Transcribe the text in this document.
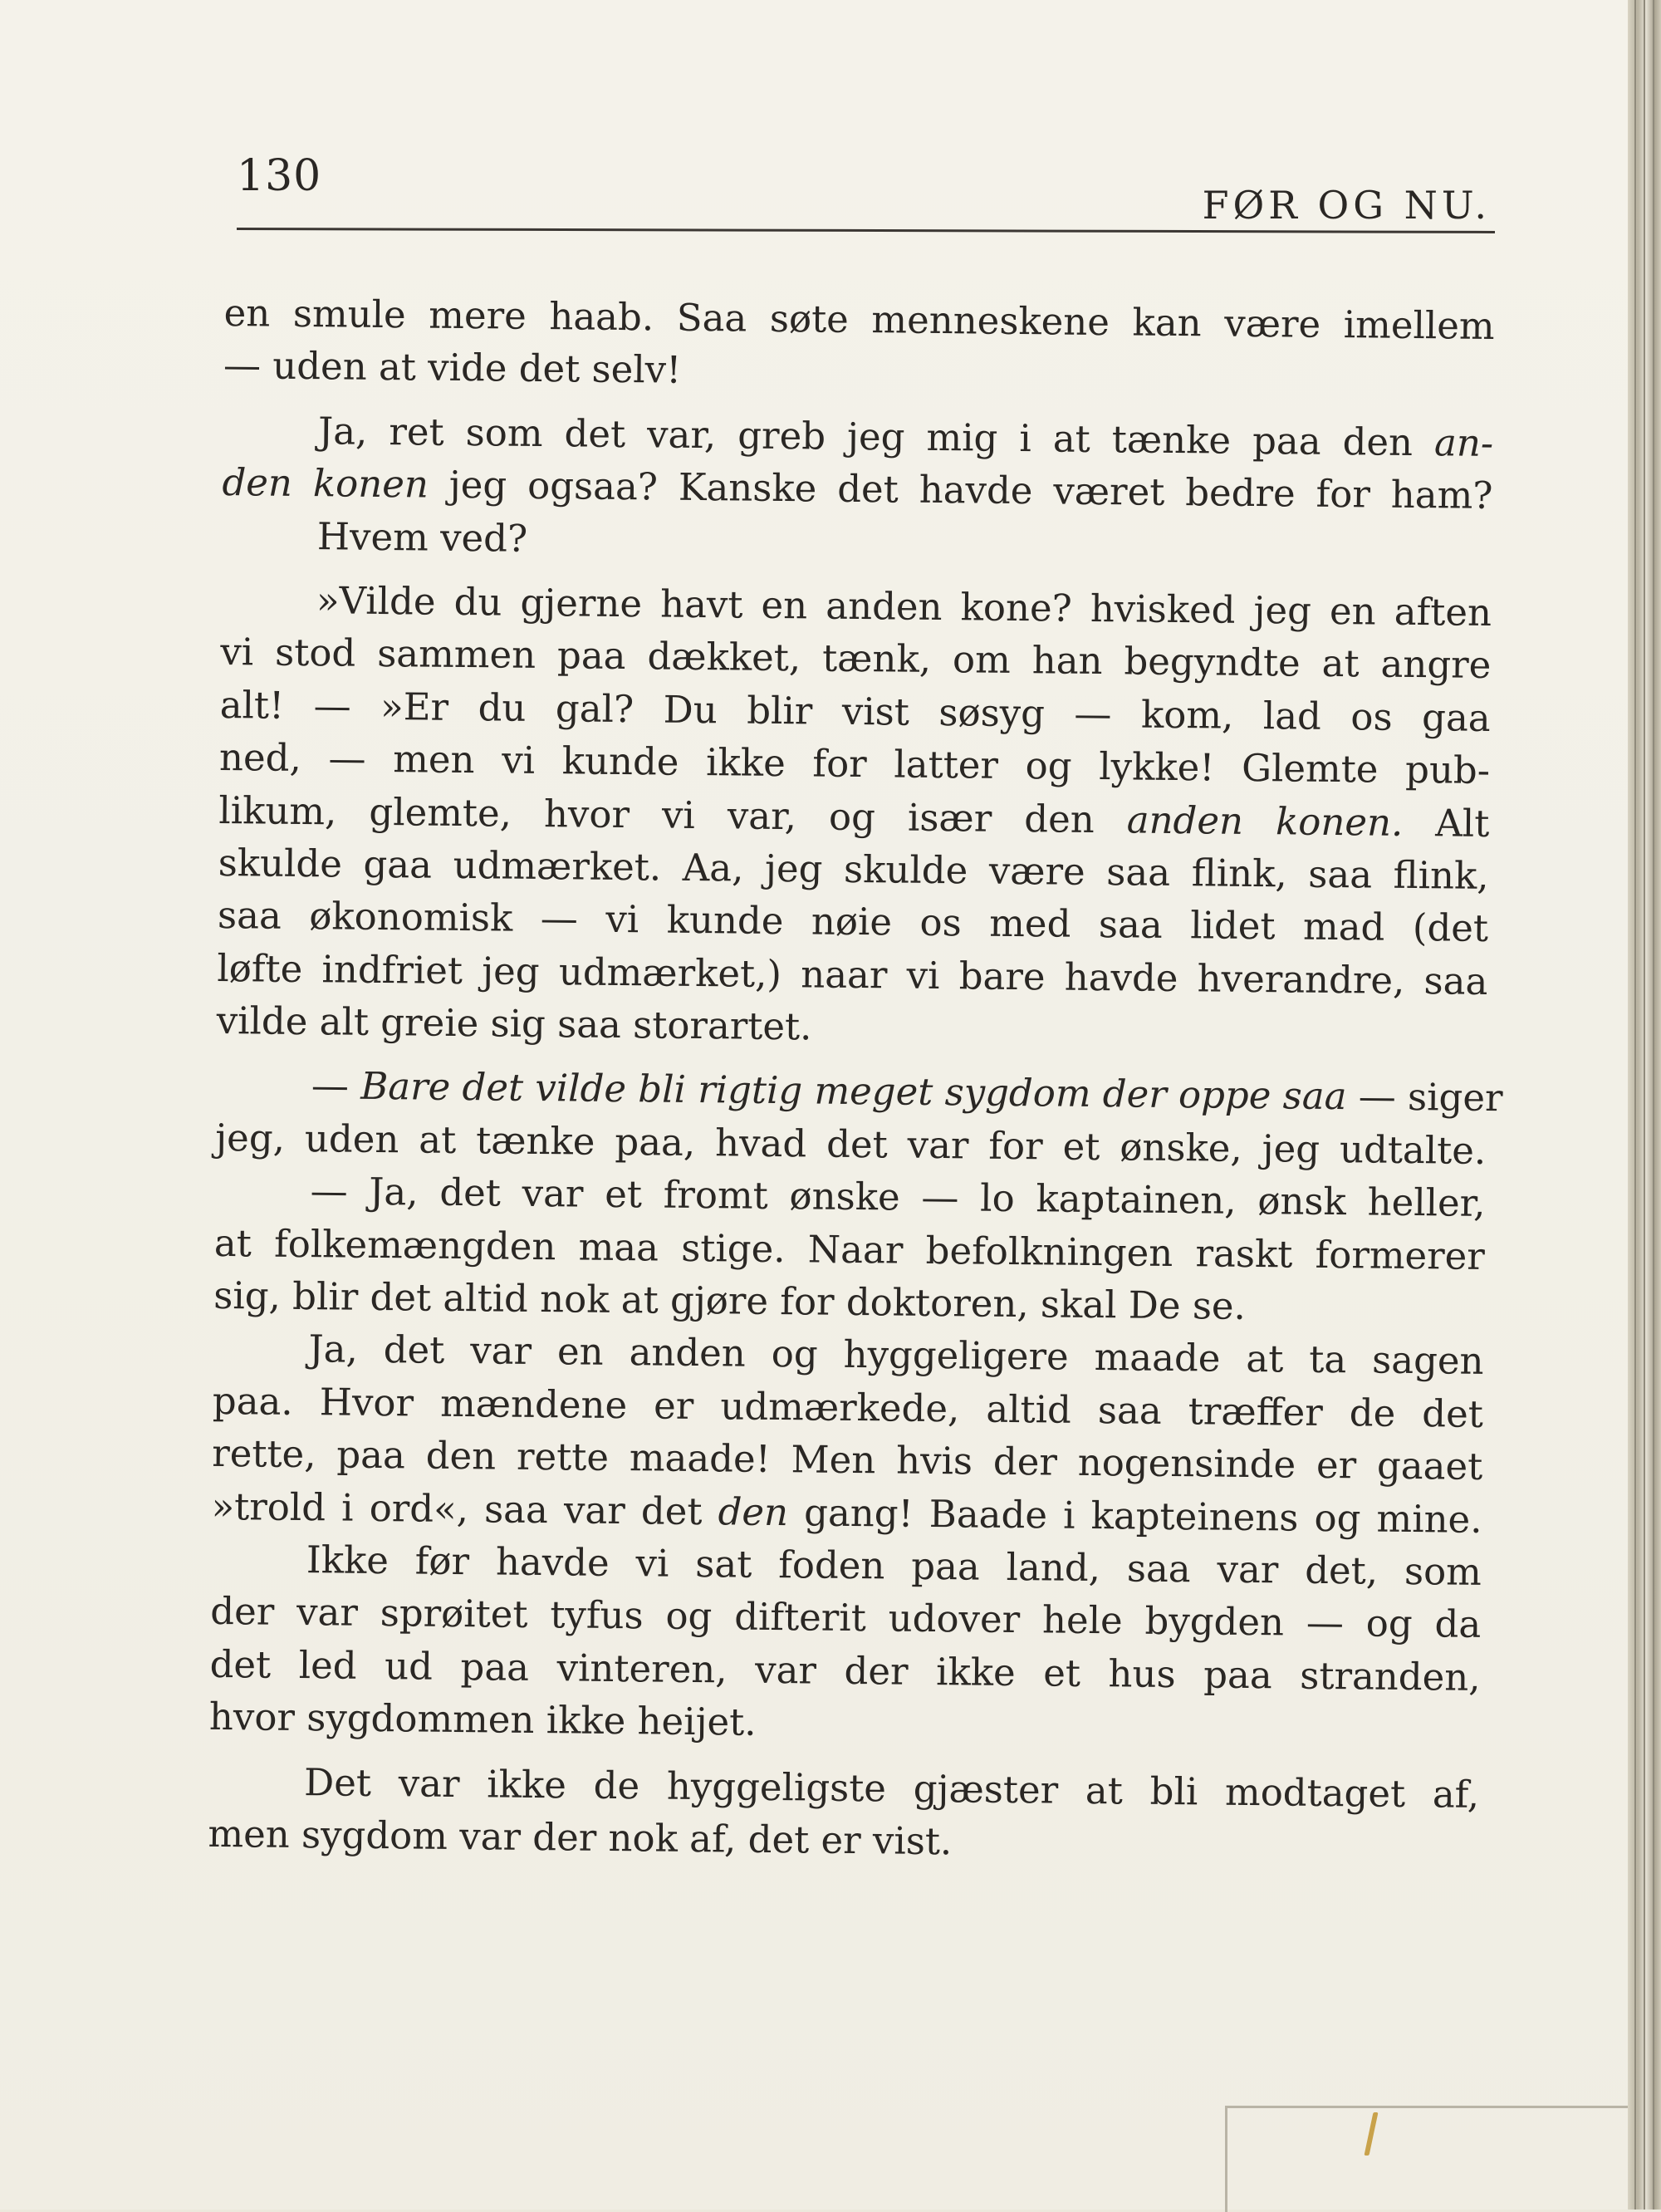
130
FØR OG NU.
en smule mere haab. Saa søte menneskene kan være imellem
— uden at vide det selv!
Ja, ret som det var, greb jeg mig i at tænke paa den an-
den konen jeg ogsaa? Kanske det havde været bedre for ham?
Hvem ved?
»Vilde du gjerne havt en anden kone? hvisked jeg en aften
vi stod sammen paa dækket, tænk, om han begyndte at angre
alt! — »Er du gal? Du blir vist søsyg — kom, lad os gaa
ned, — men vi kunde ikke for latter og lykke! Glemte pub-
likum, glemte, hvor vi var, og især den anden konen. Alt
skulde gaa udmærket. Aa, jeg skulde være saa flink, saa flink,
saa økonomisk — vi kunde nøie os med saa lidet mad (det
løfte indfriet jeg udmærket,) naar vi bare havde hverandre, saa
vilde alt greie sig saa storartet.
— Bare det vilde bli rigtig meget sygdom der oppe saa — siger
jeg, uden at tænke paa, hvad det var for et ønske, jeg udtalte.
— Ja, det var et fromt ønske — lo kaptainen, ønsk heller,
at folkemængden maa stige. Naar befolkningen raskt formerer
sig, blir det altid nok at gjøre for doktoren, skal De se.
Ja, det var en anden og hyggeligere maade at ta sagen
paa. Hvor mændene er udmærkede, altid saa træffer de det
rette, paa den rette maade! Men hvis der nogensinde er gaaet
»trold i ord«, saa var det den gang! Baade i kapteinens og mine.
Ikke før havde vi sat foden paa land, saa var det, som
der var sprøitet tyfus og difterit udover hele bygden — og da
det led ud paa vinteren, var der ikke et hus paa stranden,
hvor sygdommen ikke heijet.
Det var ikke de hyggeligste gjæster at bli modtaget af,
men sygdom var der nok af, det er vist.
